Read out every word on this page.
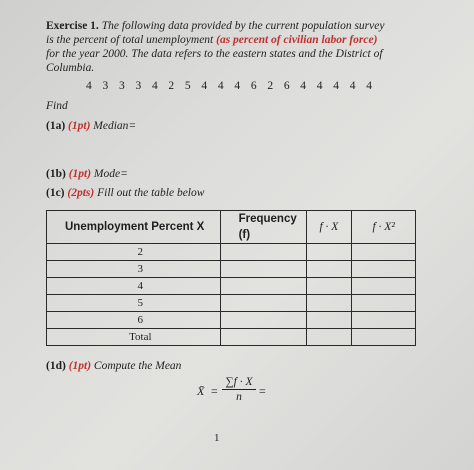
Exercise 1. The following data provided by the current population survey
is the percent of total unemployment (as percent of civilian labor force)
for the year 2000. The data refers to the eastern states and the District of
Columbia.
4 3 3 3 4 2 5 4 4 4 6 2 6 4 4 4 4 4
Find
(1a) (1pt) Median=
(1b) (1pt) Mode=
(1c) (2pts) Fill out the table below
Unemployment Percent X	Frequency (f)	f · X	f · X²
2			
3			
4			
5			
6			
Total			
(1d) (1pt) Compute the Mean
X̄ = $\frac{\sum f \cdot X}{n}$ =
1
